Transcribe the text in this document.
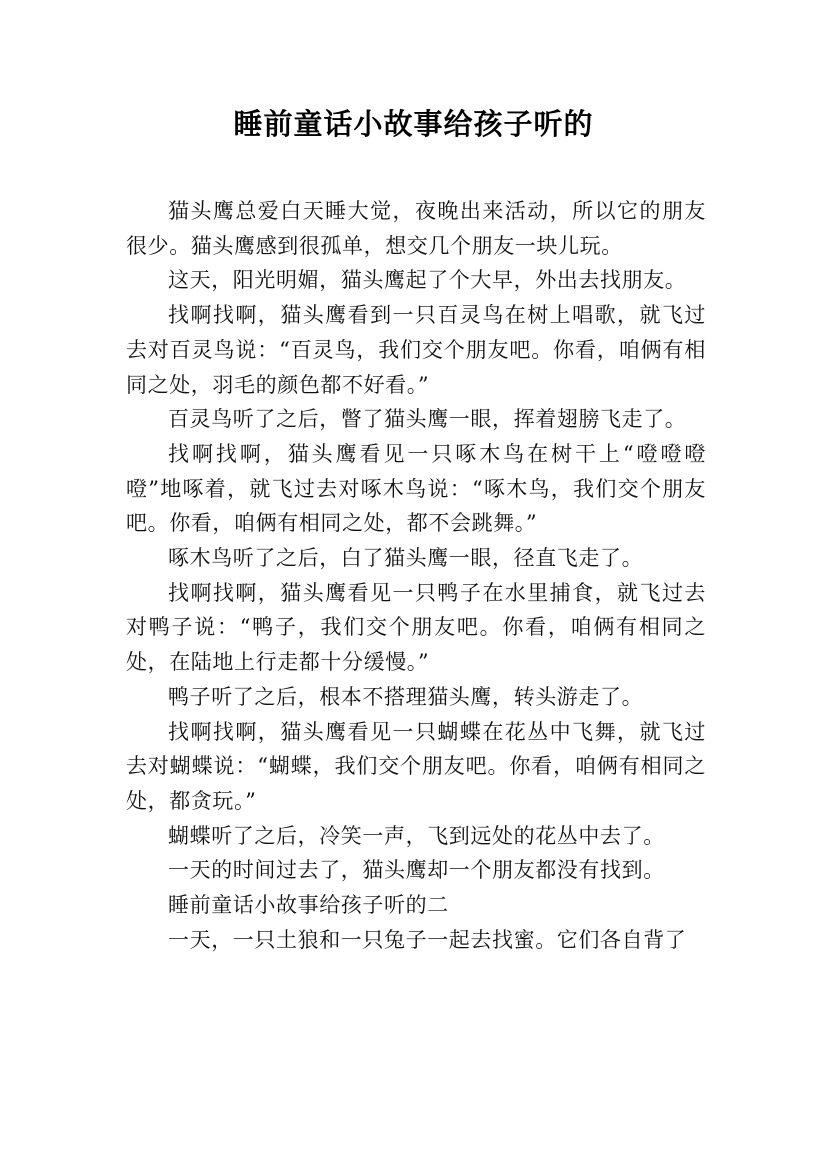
睡前童话小故事给孩子听的

猫头鹰总爱白天睡大觉，夜晚出来活动，所以它的朋友很少。猫头鹰感到很孤单，想交几个朋友一块儿玩。

这天，阳光明媚，猫头鹰起了个大早，外出去找朋友。

找啊找啊，猫头鹰看到一只百灵鸟在树上唱歌，就飞过去对百灵鸟说：“百灵鸟，我们交个朋友吧。你看，咱俩有相同之处，羽毛的颜色都不好看。”

百灵鸟听了之后，瞥了猫头鹰一眼，挥着翅膀飞走了。

找啊找啊，猫头鹰看见一只啄木鸟在树干上“噔噔噔噔”地啄着，就飞过去对啄木鸟说：“啄木鸟，我们交个朋友吧。你看，咱俩有相同之处，都不会跳舞。”

啄木鸟听了之后，白了猫头鹰一眼，径直飞走了。

找啊找啊，猫头鹰看见一只鸭子在水里捕食，就飞过去对鸭子说：“鸭子，我们交个朋友吧。你看，咱俩有相同之处，在陆地上行走都十分缓慢。”

鸭子听了之后，根本不搭理猫头鹰，转头游走了。

找啊找啊，猫头鹰看见一只蝴蝶在花丛中飞舞，就飞过去对蝴蝶说：“蝴蝶，我们交个朋友吧。你看，咱俩有相同之处，都贪玩。”

蝴蝶听了之后，冷笑一声，飞到远处的花丛中去了。

一天的时间过去了，猫头鹰却一个朋友都没有找到。

睡前童话小故事给孩子听的二

一天，一只土狼和一只兔子一起去找蜜。它们各自背了
